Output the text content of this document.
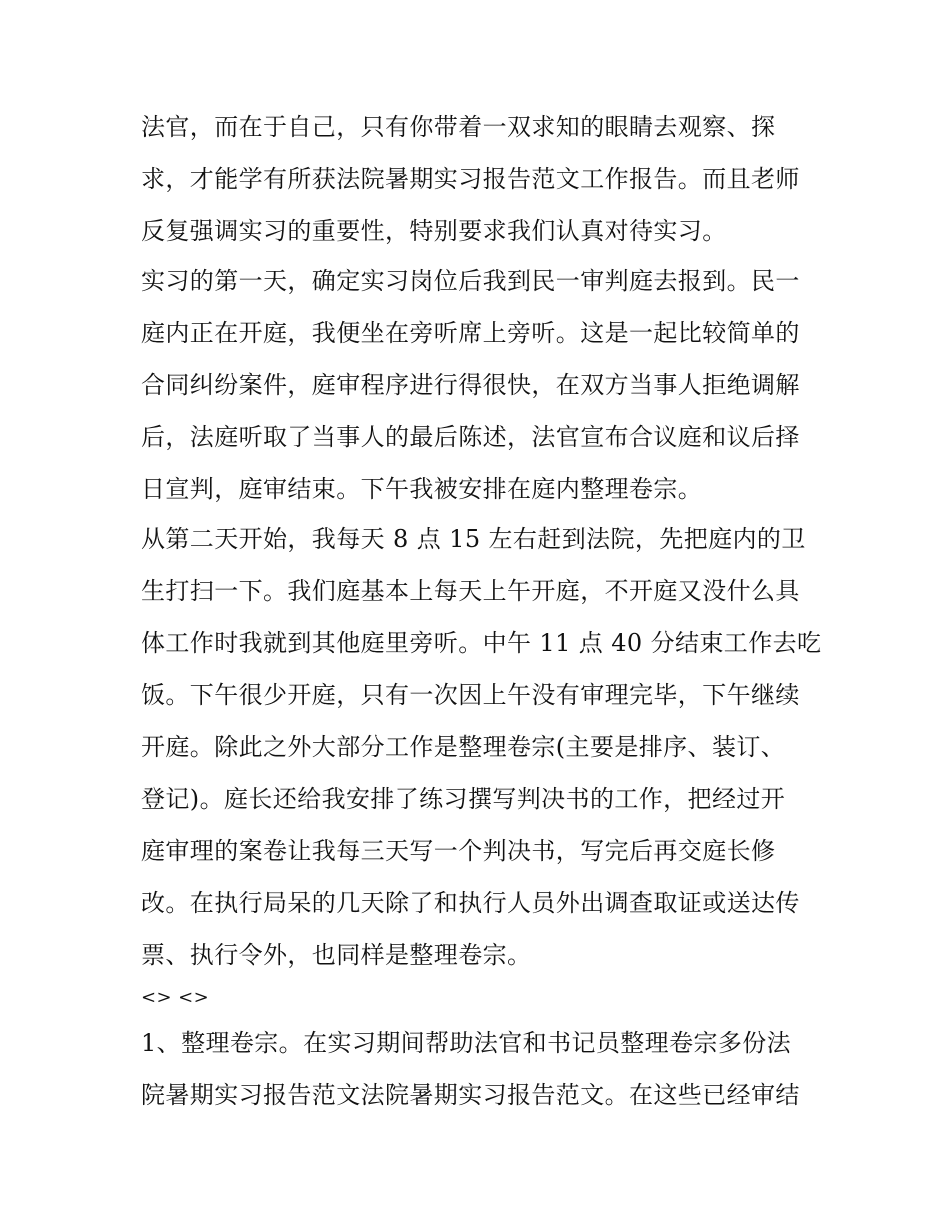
法官，而在于自己，只有你带着一双求知的眼睛去观察、探
求，才能学有所获法院暑期实习报告范文工作报告。而且老师
反复强调实习的重要性，特别要求我们认真对待实习。
实习的第一天，确定实习岗位后我到民一审判庭去报到。民一
庭内正在开庭，我便坐在旁听席上旁听。这是一起比较简单的
合同纠纷案件，庭审程序进行得很快，在双方当事人拒绝调解
后，法庭听取了当事人的最后陈述，法官宣布合议庭和议后择
日宣判，庭审结束。下午我被安排在庭内整理卷宗。
从第二天开始，我每天 8 点 15 左右赶到法院，先把庭内的卫
生打扫一下。我们庭基本上每天上午开庭，不开庭又没什么具
体工作时我就到其他庭里旁听。中午 11 点 40 分结束工作去吃
饭。下午很少开庭，只有一次因上午没有审理完毕，下午继续
开庭。除此之外大部分工作是整理卷宗(主要是排序、装订、
登记)。庭长还给我安排了练习撰写判决书的工作，把经过开
庭审理的案卷让我每三天写一个判决书，写完后再交庭长修
改。在执行局呆的几天除了和执行人员外出调查取证或送达传
票、执行令外，也同样是整理卷宗。
<> <>
1、整理卷宗。在实习期间帮助法官和书记员整理卷宗多份法
院暑期实习报告范文法院暑期实习报告范文。在这些已经审结
